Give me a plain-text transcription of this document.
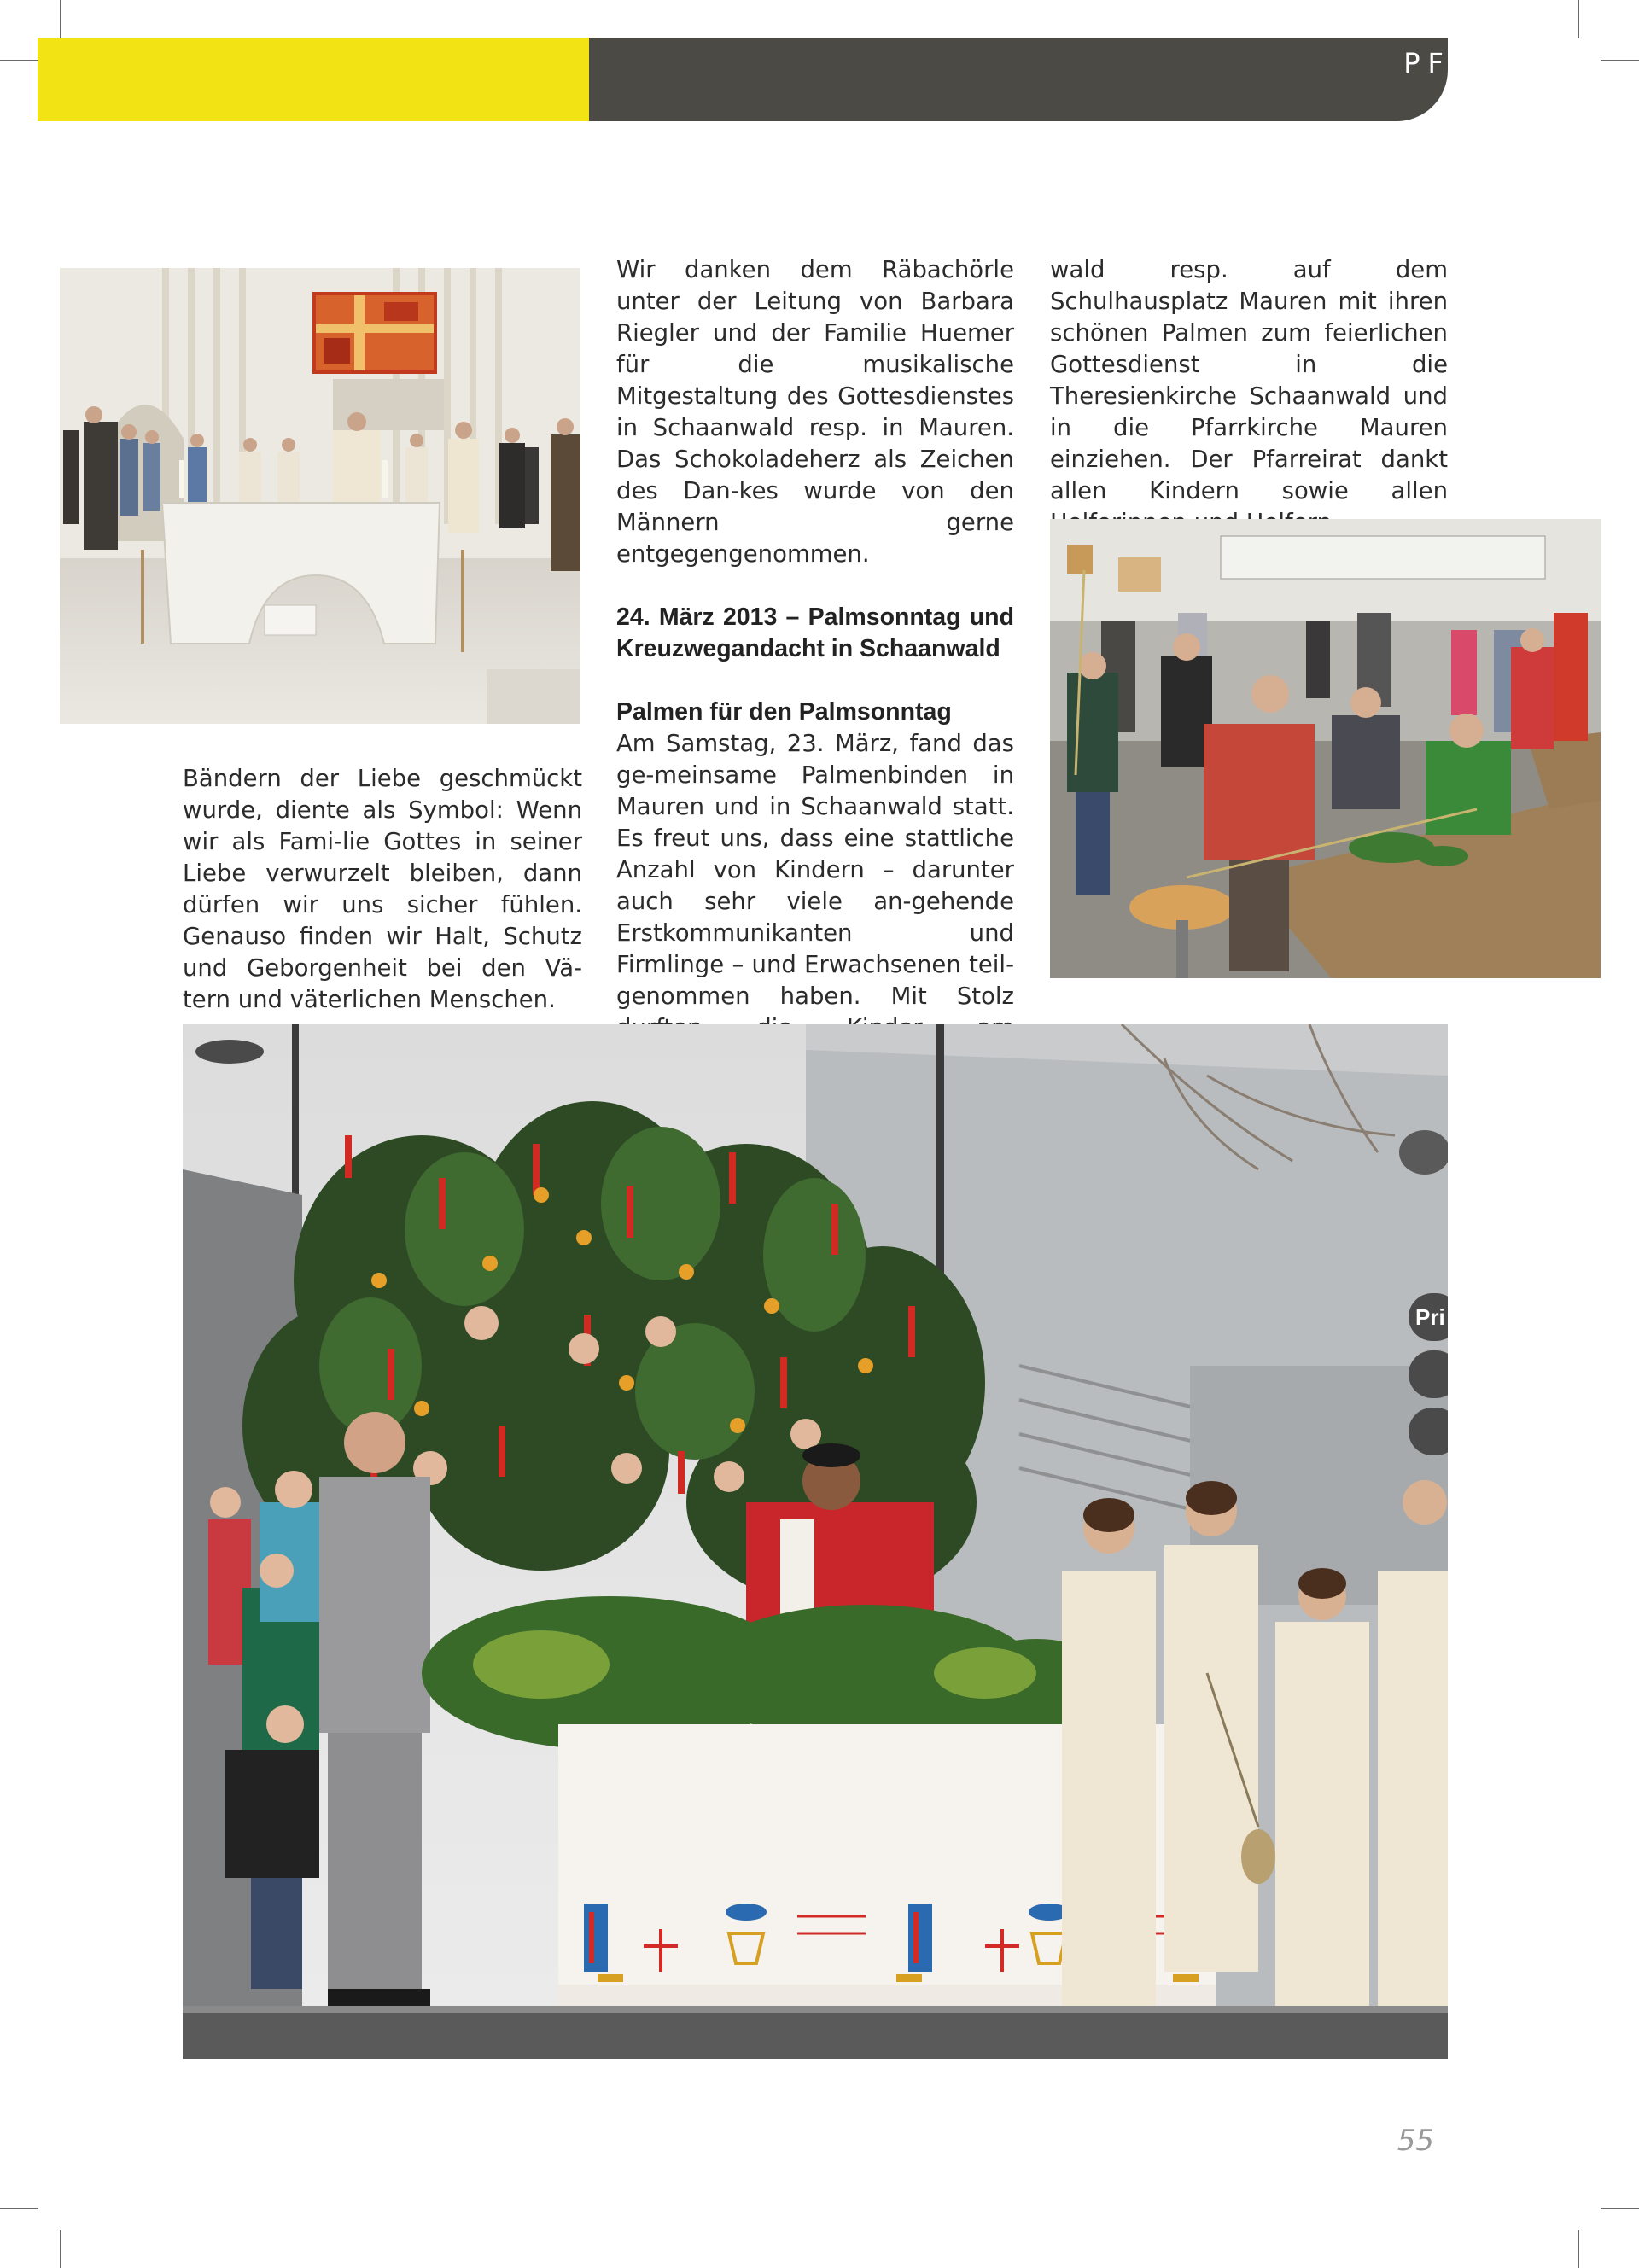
PFARREI

Bändern der Liebe geschmückt wurde, diente als Symbol: Wenn wir als Fami-lie Gottes in seiner Liebe verwurzelt bleiben, dann dürfen wir uns sicher fühlen. Genauso finden wir Halt, Schutz und Geborgenheit bei den Vä-tern und väterlichen Menschen.

Wir danken dem Räbachörle unter der Leitung von Barbara Riegler und der Familie Huemer für die musikalische Mitgestaltung des Gottesdienstes in Schaanwald resp. in Mauren. Das Schokoladeherz als Zeichen des Dan-kes wurde von den Männern gerne entgegengenommen.

24. März 2013 – Palmsonntag und Kreuzwegandacht in Schaanwald

Palmen für den Palmsonntag

Am Samstag, 23. März, fand das ge-meinsame Palmenbinden in Mauren und in Schaanwald statt. Es freut uns, dass eine stattliche Anzahl von Kindern – darunter auch sehr viele an-gehende Erstkommunikanten und Firmlinge – und Erwachsenen teil-genommen haben. Mit Stolz

wald resp. auf dem Schulhausplatz Mauren mit ihren schönen Palmen zum feierlichen Gottesdienst in die Theresienkirche Schaanwald und in die Pfarrkirche Mauren einziehen. Der Pfarreirat dankt allen Kindern sowie allen

Pri
55
